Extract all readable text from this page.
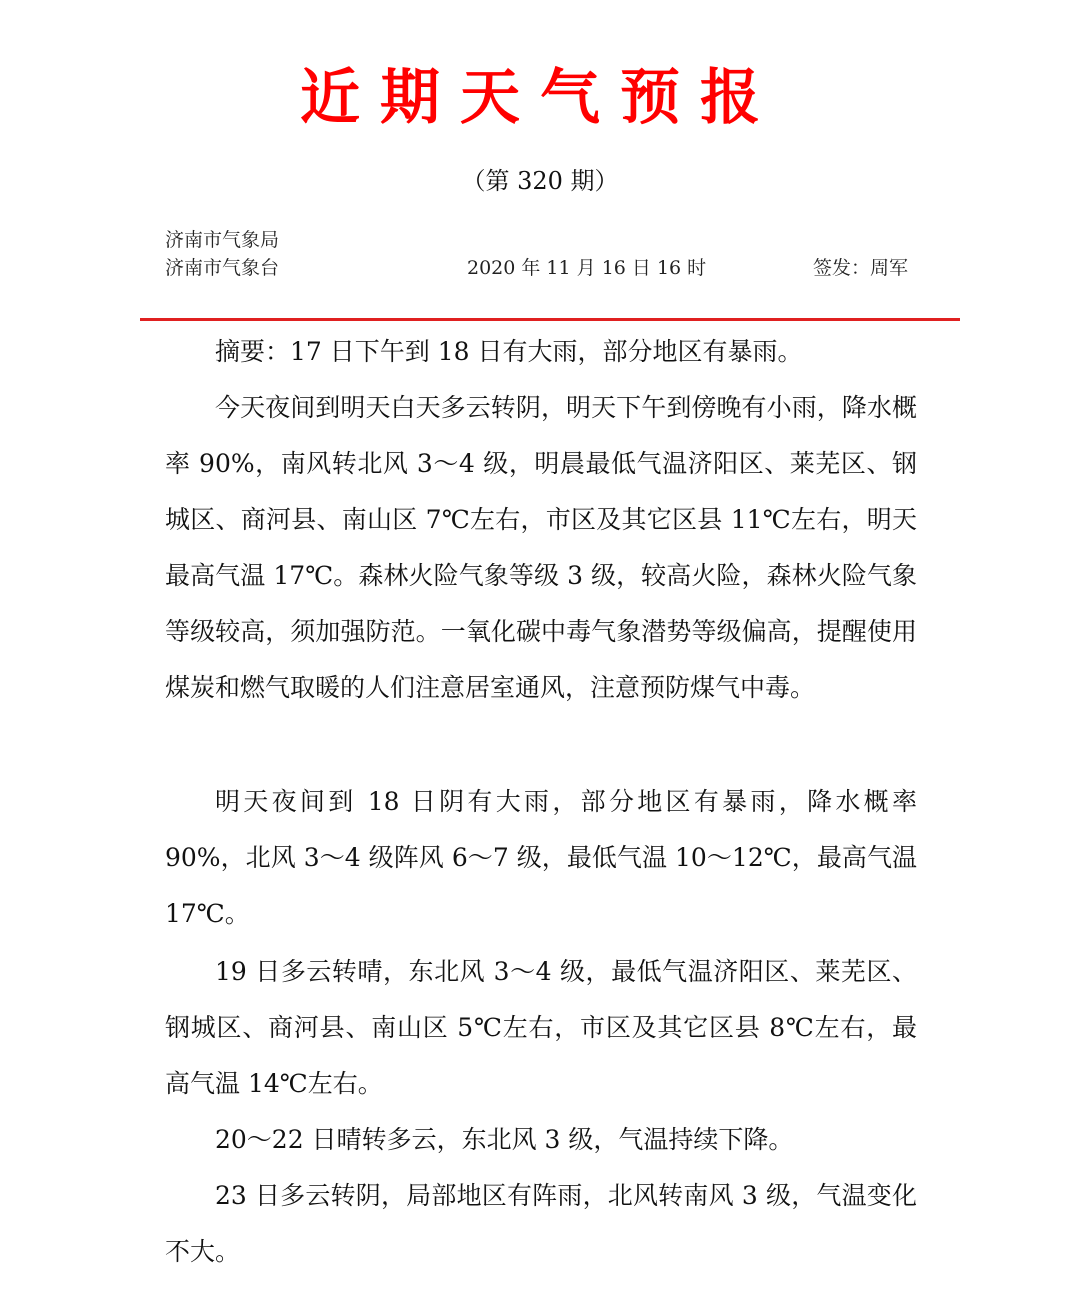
近期天气预报
（第 320 期）
济南市气象局
济南市气象台	2020 年 11 月 16 日 16 时	签发：周军

摘要：17 日下午到 18 日有大雨，部分地区有暴雨。

今天夜间到明天白天多云转阴，明天下午到傍晚有小雨，降水概率 90%，南风转北风 3～4 级，明晨最低气温济阳区、莱芜区、钢城区、商河县、南山区 7℃左右，市区及其它区县 11℃左右，明天最高气温 17℃。森林火险气象等级 3 级，较高火险，森林火险气象等级较高，须加强防范。一氧化碳中毒气象潜势等级偏高，提醒使用煤炭和燃气取暖的人们注意居室通风，注意预防煤气中毒。

明天夜间到 18 日阴有大雨，部分地区有暴雨，降水概率 90%，北风 3～4 级阵风 6～7 级，最低气温 10～12℃，最高气温 17℃。

19 日多云转晴，东北风 3～4 级，最低气温济阳区、莱芜区、钢城区、商河县、南山区 5℃左右，市区及其它区县 8℃左右，最高气温 14℃左右。

20～22 日晴转多云，东北风 3 级，气温持续下降。

23 日多云转阴，局部地区有阵雨，北风转南风 3 级，气温变化不大。
